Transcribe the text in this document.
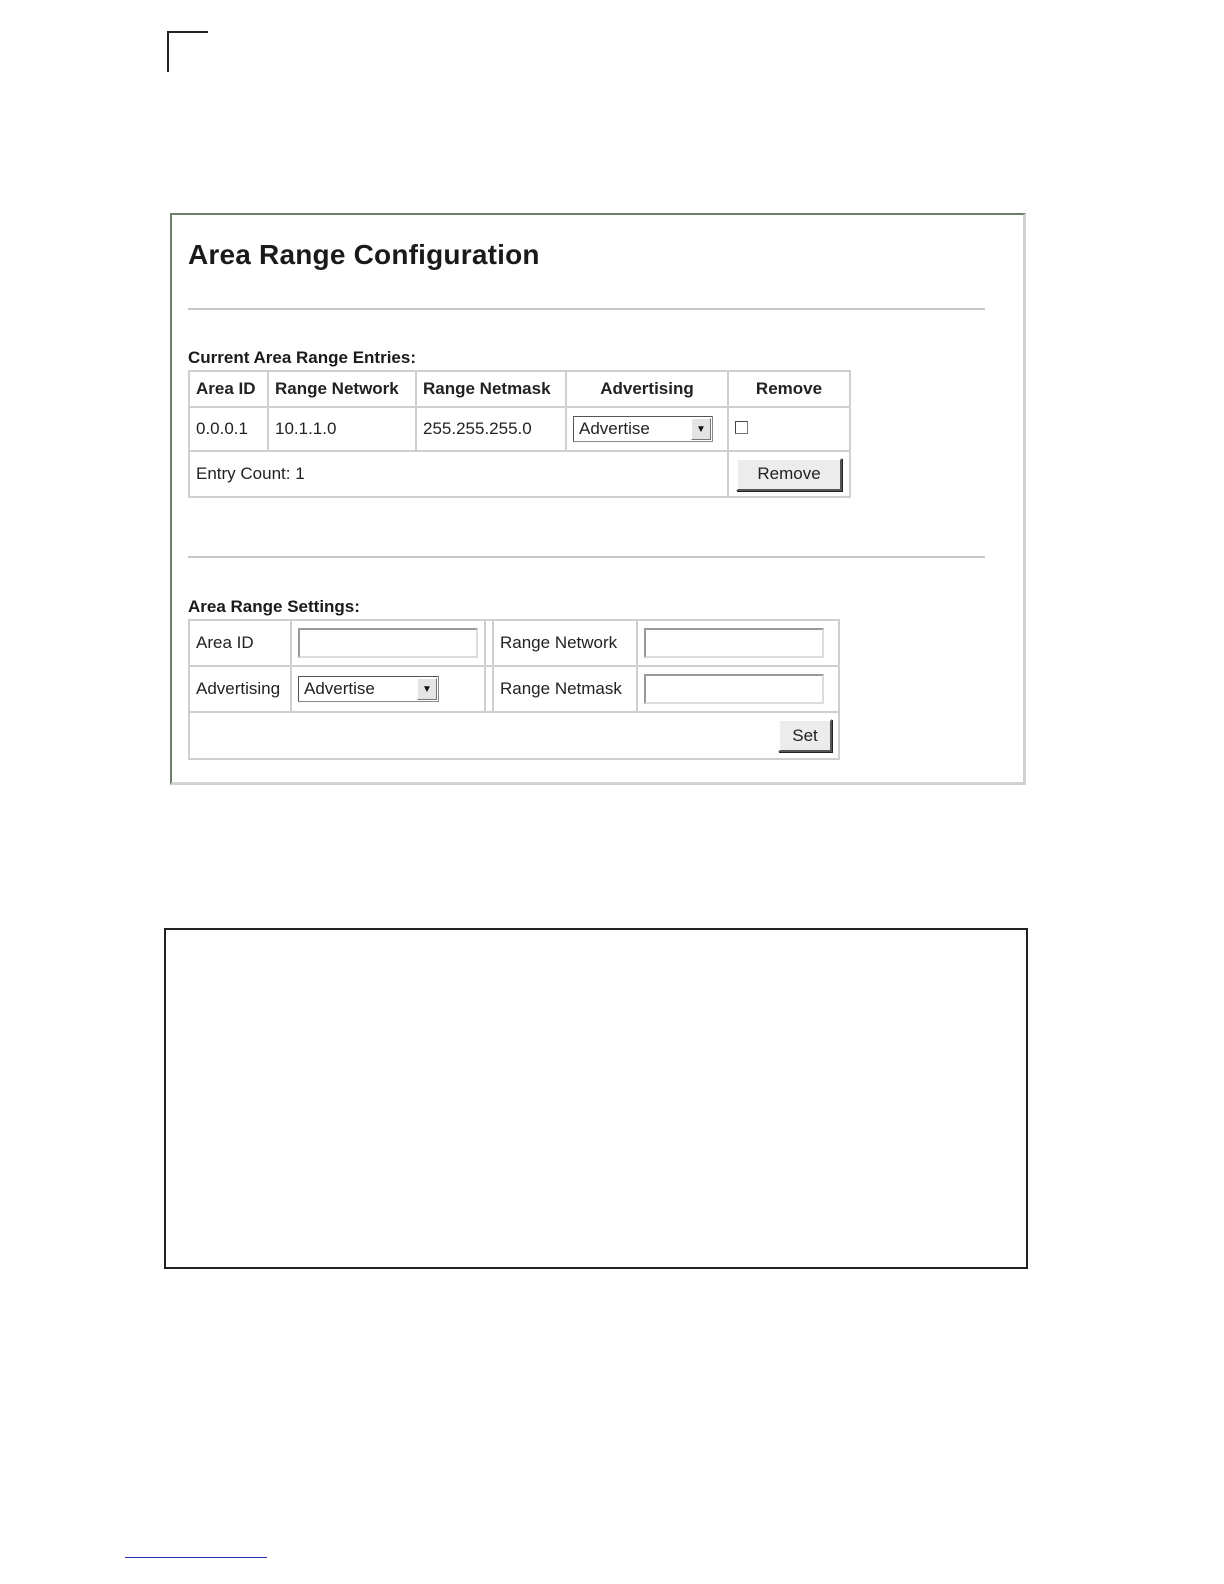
Area Range Configuration
Current Area Range Entries:
Area ID	Range Network	Range Netmask	Advertising	Remove
0.0.0.1	10.1.1.0	255.255.255.0	Advertise ▼	

Entry Count: 1				Remove
Area Range Settings:
Area ID			Range Network	

Advertising	Advertise ▼		Range Netmask	

Set				
